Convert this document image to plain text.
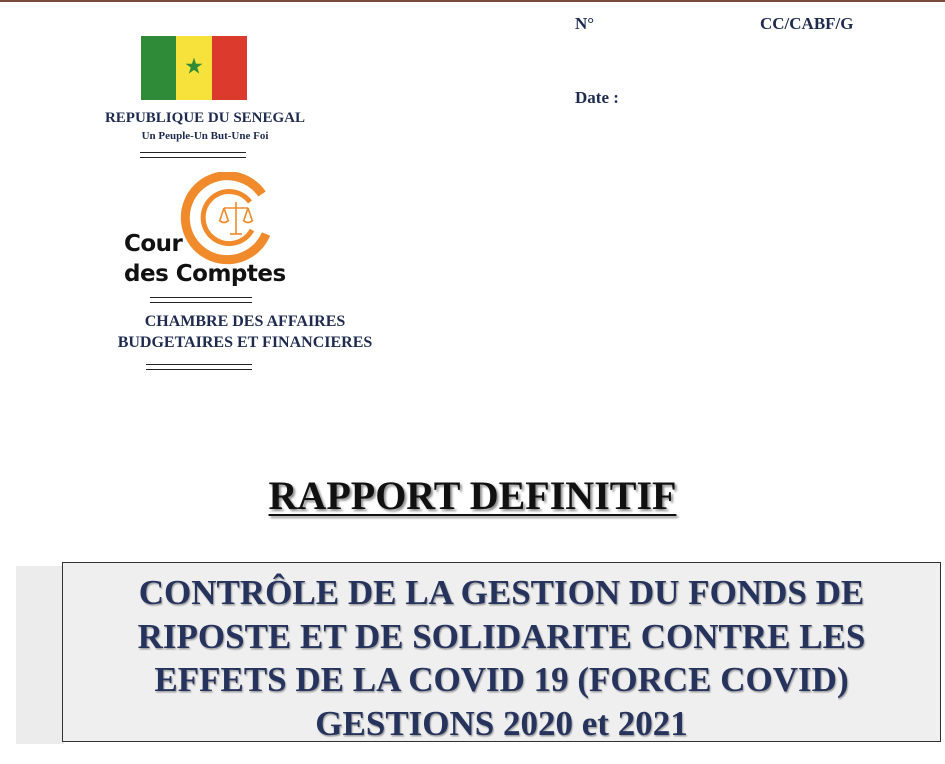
★
REPUBLIQUE DU SENEGAL
Un Peuple-Un But-Une Foi
Cour
des Comptes
CHAMBRE DES AFFAIRES
BUDGETAIRES ET FINANCIERES
N°	CC/CABF/G
Date :
RAPPORT DEFINITIF
CONTRÔLE DE LA GESTION DU FONDS DE
RIPOSTE ET DE SOLIDARITE CONTRE LES
EFFETS DE LA COVID 19 (FORCE COVID)
GESTIONS 2020 et 2021
